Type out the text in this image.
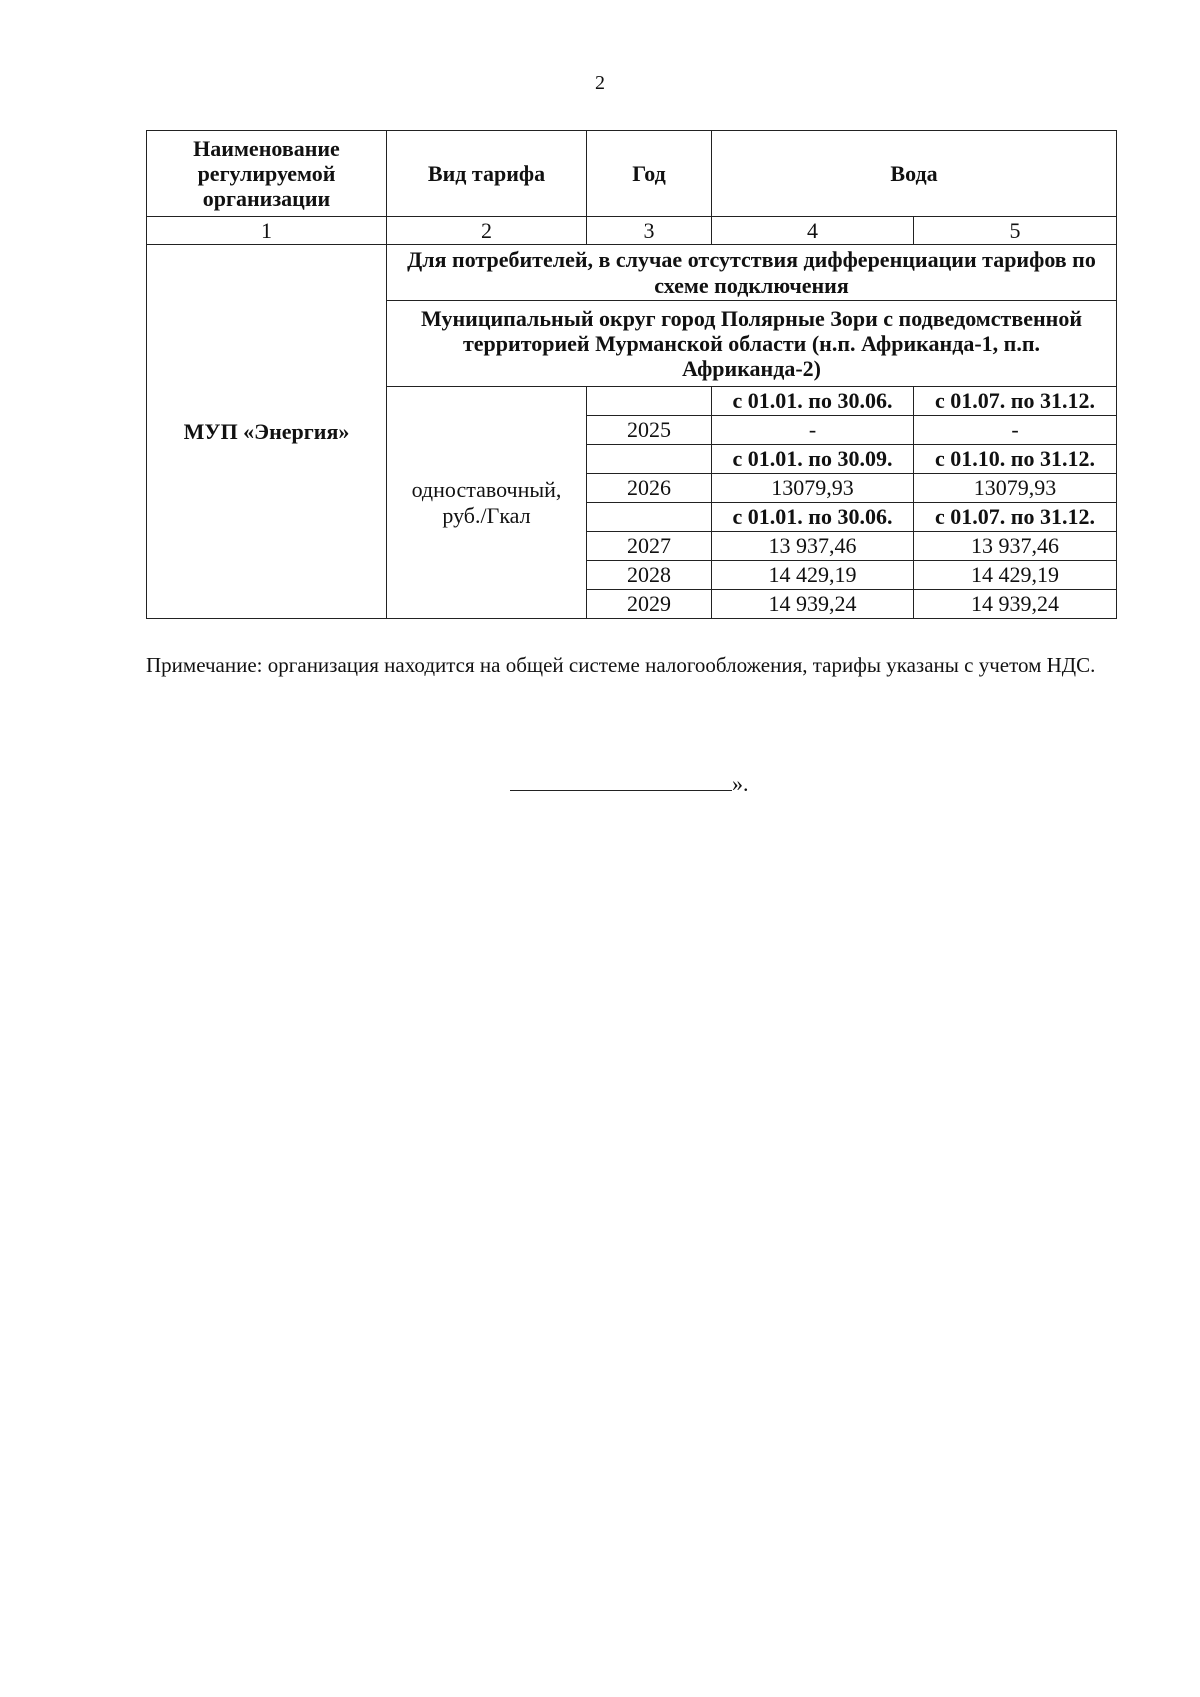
2
Наименование регулируемой организации	Вид тарифа	Год	Вода	
1	2	3	4	5
МУП «Энергия»	Для потребителей, в случае отсутствия дифференциации тарифов по схеме подключения			
	Муниципальный округ город Полярные Зори с подведомственной территорией Мурманской области (н.п. Африканда-1, п.п. Африканда-2)			
	одноставочный, руб./Гкал		с 01.01. по 30.06.	с 01.07. по 31.12.
		2025	-	-
			с 01.01. по 30.09.	с 01.10. по 31.12.
		2026	13079,93	13079,93
			с 01.01. по 30.06.	с 01.07. по 31.12.
		2027	13 937,46	13 937,46
		2028	14 429,19	14 429,19
		2029	14 939,24	14 939,24
Примечание: организация находится на общей системе налогообложения, тарифы указаны с учетом НДС.
».
